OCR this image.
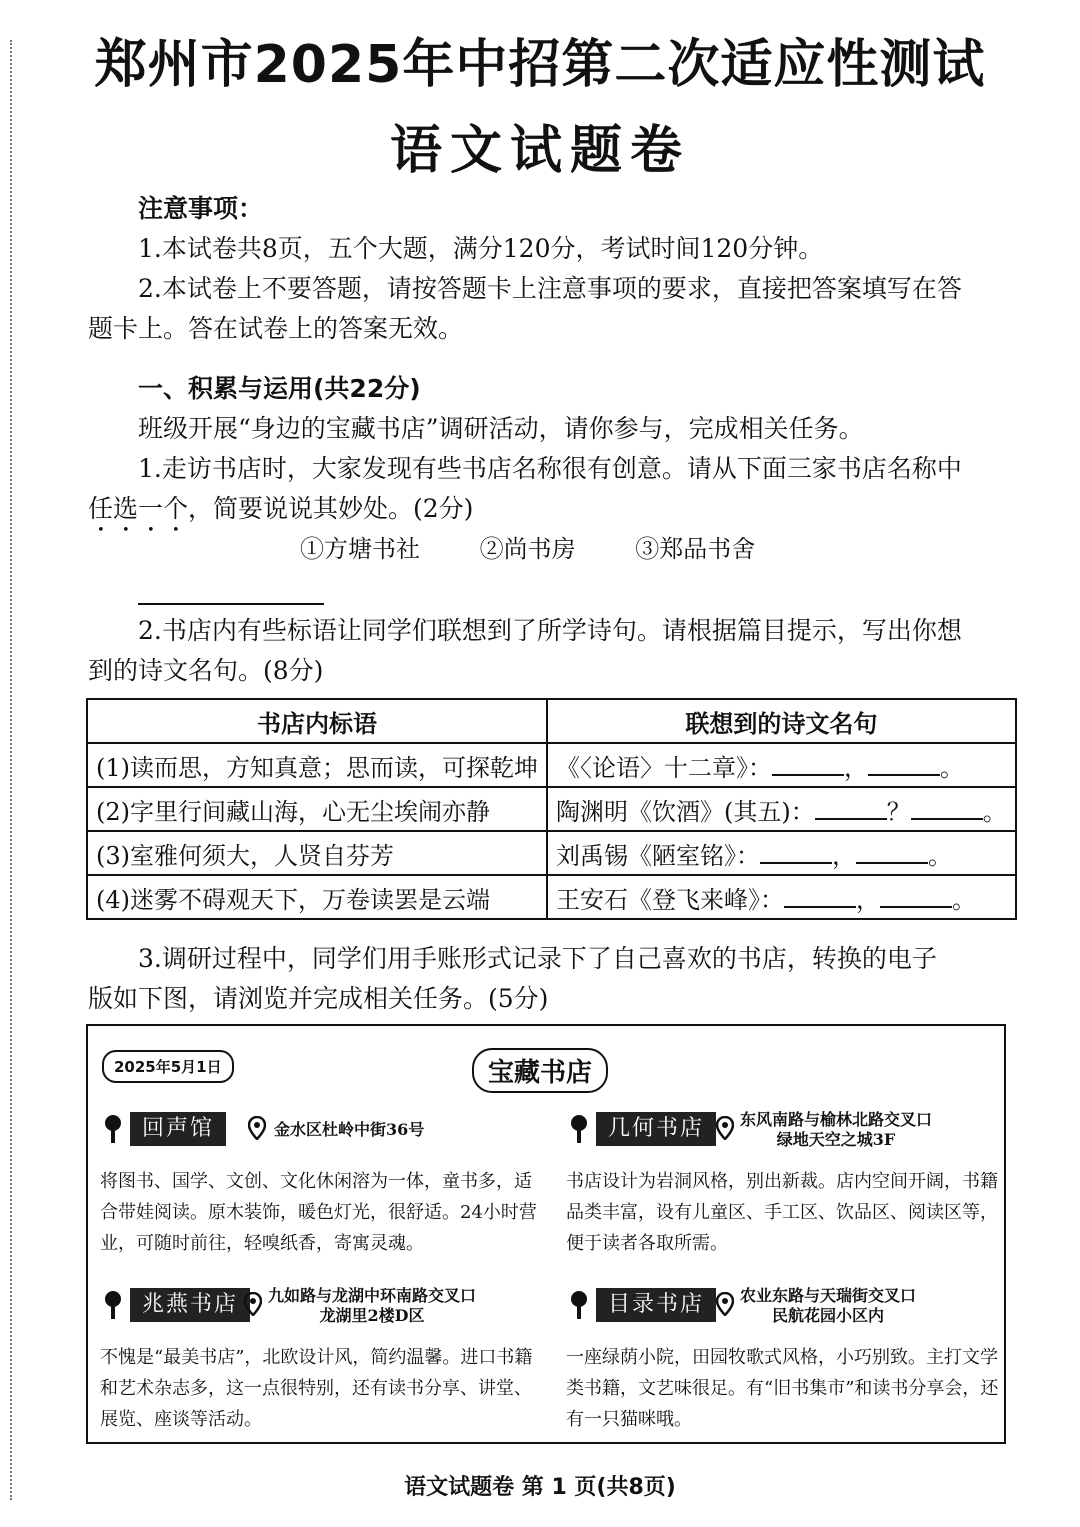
郑州市2025年中招第二次适应性测试
语文试题卷
注意事项：
1.本试卷共8页，五个大题，满分120分，考试时间120分钟。
2.本试卷上不要答题，请按答题卡上注意事项的要求，直接把答案填写在答
题卡上。答在试卷上的答案无效。
一、积累与运用(共22分)
班级开展“身边的宝藏书店”调研活动，请你参与，完成相关任务。
1.走访书店时，大家发现有些书店名称很有创意。请从下面三家书店名称中
任选一个，简要说说其妙处。(2分)
①方塘书社 ②尚书房 ③郑品书舍
2.书店内有些标语让同学们联想到了所学诗句。请根据篇目提示，写出你想
到的诗文名句。(8分)
书店内标语	联想到的诗文名句
(1)读而思，方知真意；思而读，可探乾坤	《〈论语〉十二章》： ， 。
(2)字里行间藏山海，心无尘埃闹亦静	陶渊明《饮酒》(其五)： ？ 。
(3)室雅何须大，人贤自芬芳	刘禹锡《陋室铭》： ， 。
(4)迷雾不碍观天下，万卷读罢是云端	王安石《登飞来峰》： ， 。
3.调研过程中，同学们用手账形式记录下了自己喜欢的书店，转换的电子
版如下图，请浏览并完成相关任务。(5分)
2025年5月1日	宝藏书店
回声馆	金水区杜岭中街36号
将图书、国学、文创、文化休闲溶为一体，童书多，适合带娃阅读。原木装饰，暖色灯光，很舒适。24小时营业，可随时前往，轻嗅纸香，寄寓灵魂。
几何书店	东风南路与榆林北路交叉口
绿地天空之城3F
书店设计为岩洞风格，别出新裁。店内空间开阔，书籍品类丰富，设有儿童区、手工区、饮品区、阅读区等，便于读者各取所需。
兆燕书店	九如路与龙湖中环南路交叉口
龙湖里2楼D区
不愧是“最美书店”，北欧设计风，简约温馨。进口书籍和艺术杂志多，这一点很特别，还有读书分享、讲堂、展览、座谈等活动。
目录书店	农业东路与天瑞街交叉口
民航花园小区内
一座绿荫小院，田园牧歌式风格，小巧别致。主打文学类书籍，文艺味很足。有“旧书集市”和读书分享会，还有一只猫咪哦。
语文试题卷 第 1 页(共8页)
